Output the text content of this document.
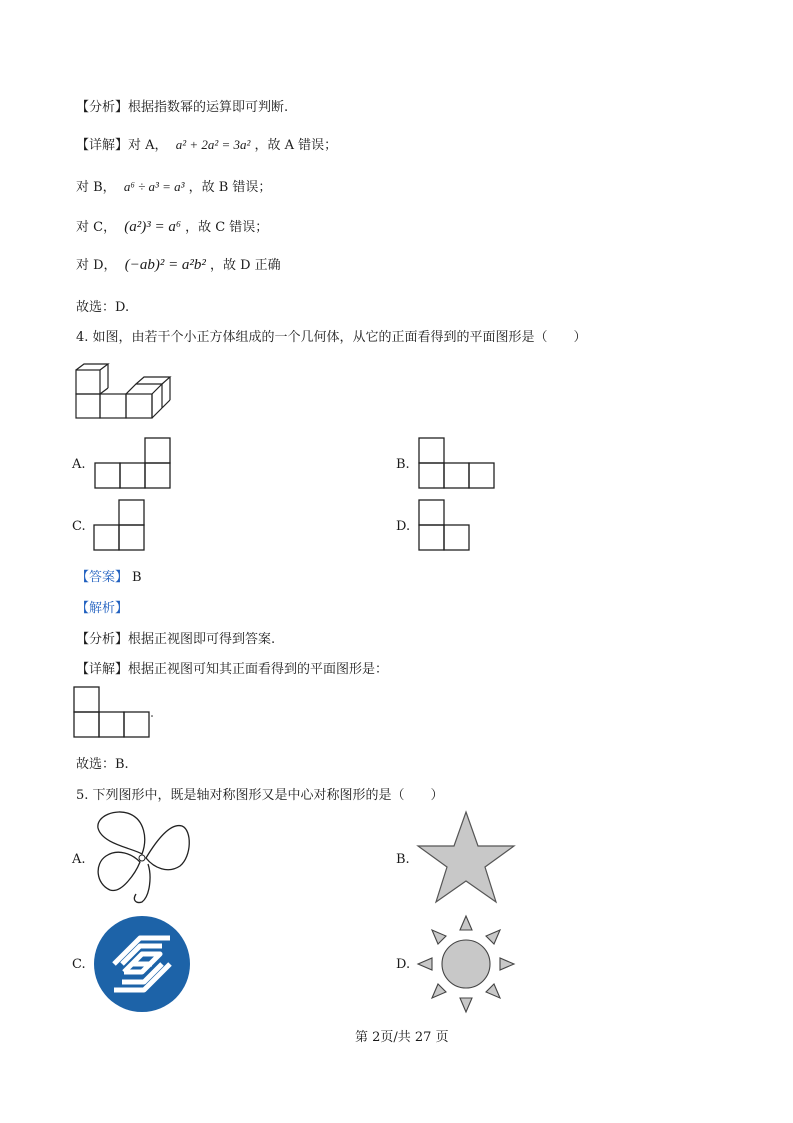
【分析】根据指数幂的运算即可判断.
【详解】对 A， a² + 2a² = 3a² ，故 A 错误；
对 B， a⁶ ÷ a³ = a³ ，故 B 错误；
对 C， (a²)³ = a⁶ ，故 C 错误；
对 D， (−ab)² = a²b² ，故 D 正确
故选：D.
4. 如图，由若干个小正方体组成的一个几何体，从它的正面看得到的平面图形是（　　）
A.	B.
C.	D.
【答案】 B
【解析】
【分析】根据正视图即可得到答案.
【详解】根据正视图可知其正面看得到的平面图形是：
故选：B.
5. 下列图形中，既是轴对称图形又是中心对称图形的是（　　）
A.	B.
C.	D.
第 2页/共 27 页
